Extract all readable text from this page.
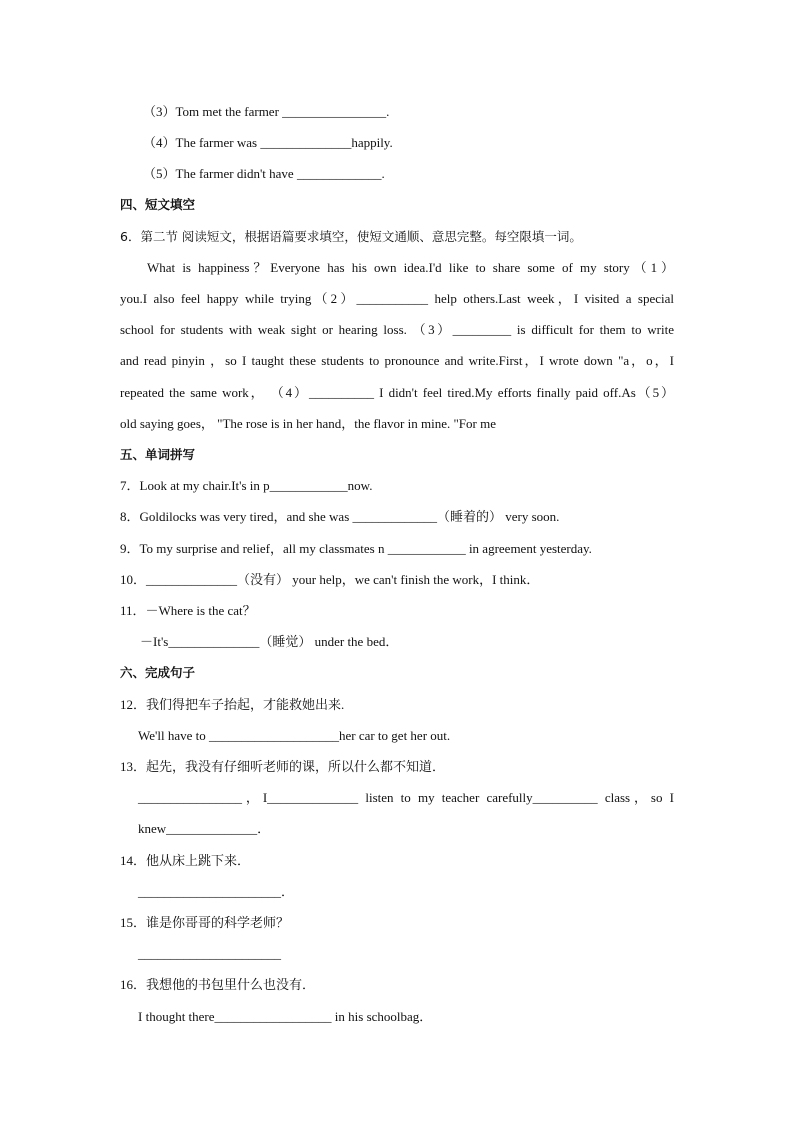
（3）Tom met the farmer ________________.
（4）The farmer was ______________happily.
（5）The farmer didn't have _____________.
四、短文填空
6．第二节 阅读短文，根据语篇要求填空，使短文通顺、意思完整。每空限填一词。
What is happiness？Everyone has his own idea.I'd like to share some of my story（1）
you.I also feel happy while trying（2）___________ help others.Last week，I visited a special
school for students with weak sight or hearing loss. （3）_________ is difficult for them to write
and read pinyin ，so I taught these students to pronounce and write.First，I wrote down "a，o，I
repeated the same work， （4）__________ I didn't feel tired.My efforts finally paid off.As（5）
old saying goes， "The rose is in her hand，the flavor in mine. "For me
五、单词拼写
7．Look at my chair.It's in p____________now.
8．Goldilocks was very tired，and she was _____________（睡着的） very soon.
9．To my surprise and relief，all my classmates n ____________ in agreement yesterday.
10．______________（没有） your help，we can't finish the work，I think．
11．－Where is the cat？
－It's______________（睡觉） under the bed．
六、完成句子
12．我们得把车子抬起，才能救她出来.
We'll have to ____________________her car to get her out.
13．起先，我没有仔细听老师的课，所以什么都不知道．
________________，I______________ listen to my teacher carefully__________ class，so I
knew______________．
14．他从床上跳下来．
______________________．
15．谁是你哥哥的科学老师？
______________________
16．我想他的书包里什么也没有．
I thought there__________________ in his schoolbag．
